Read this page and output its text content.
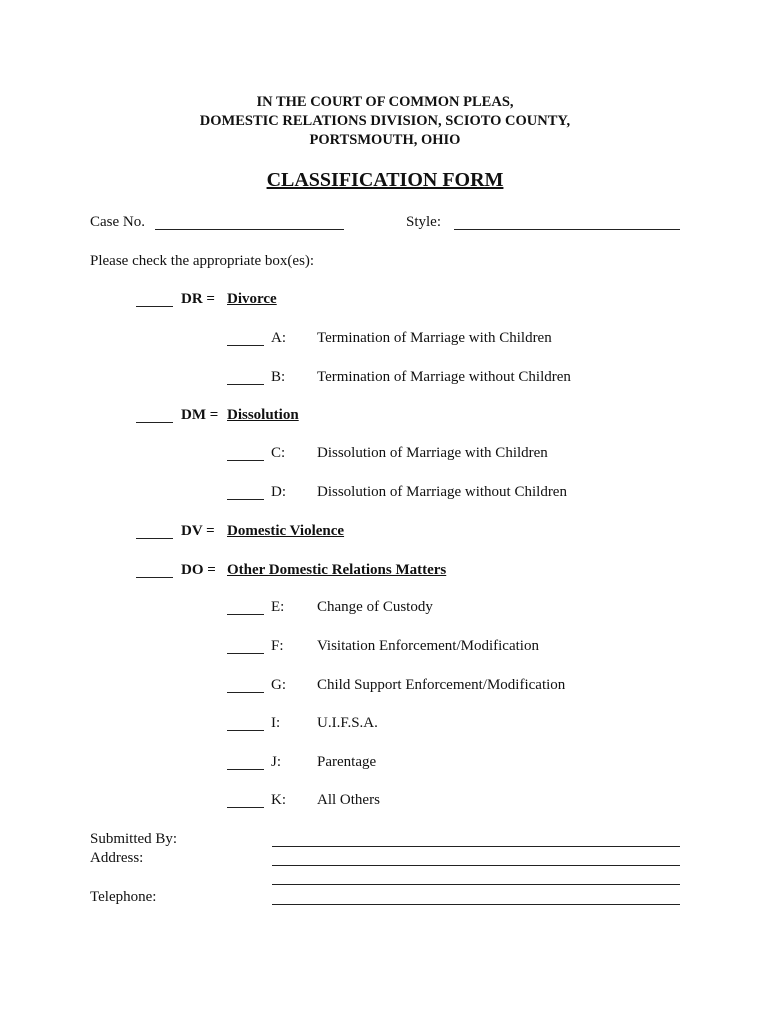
IN THE COURT OF COMMON PLEAS,
DOMESTIC RELATIONS DIVISION, SCIOTO COUNTY,
PORTSMOUTH, OHIO
CLASSIFICATION FORM
Case No.	Style:
Please check the appropriate box(es):
DR = Divorce
A: Termination of Marriage with Children
B: Termination of Marriage without Children
DM = Dissolution
C: Dissolution of Marriage with Children
D: Dissolution of Marriage without Children
DV = Domestic Violence
DO = Other Domestic Relations Matters
E: Change of Custody
F: Visitation Enforcement/Modification
G: Child Support Enforcement/Modification
I: U.I.F.S.A.
J: Parentage
K: All Others
Submitted By:
Address:
Telephone:
